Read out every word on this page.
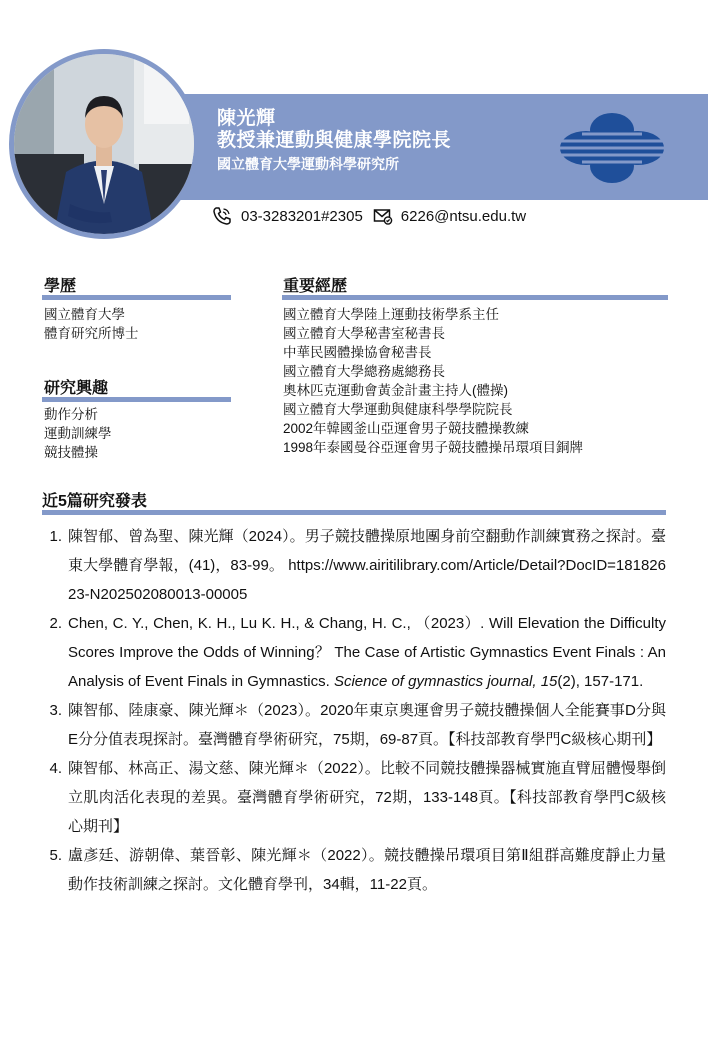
陳光輝
教授兼運動與健康學院院長
國立體育大學運動科學研究所
03-3283201#2305	6226@ntsu.edu.tw
學歷
國立體育大學
體育研究所博士
研究興趣
動作分析
運動訓練學
競技體操
重要經歷
國立體育大學陸上運動技術學系主任
國立體育大學秘書室秘書長
中華民國體操協會秘書長
國立體育大學總務處總務長
奧林匹克運動會黃金計畫主持人(體操)
國立體育大學運動與健康科學學院院長
2002年韓國釜山亞運會男子競技體操教練
1998年泰國曼谷亞運會男子競技體操吊環項目銅牌
近5篇研究發表
1. 陳智郁、曾為聖、陳光輝（2024）。男子競技體操原地團身前空翻動作訓練實務之探討。臺東大學體育學報，(41)，83-99。 https://www.airitilibrary.com/Article/Detail?DocID=18182623-N202502080013-00005
2. Chen, C. Y., Chen, K. H., Lu K. H., & Chang, H. C., （2023）. Will Elevation the Difficulty Scores Improve the Odds of Winning？ The Case of Artistic Gymnastics Event Finals : An Analysis of Event Finals in Gymnastics. Science of gymnastics journal, 15(2), 157-171.
3. 陳智郁、陸康豪、陳光輝＊（2023）。2020年東京奧運會男子競技體操個人全能賽事D分與E分分值表現探討。臺灣體育學術研究，75期，69-87頁。【科技部教育學門C級核心期刊】
4. 陳智郁、林高正、湯文慈、陳光輝＊（2022）。比較不同競技體操器械實施直臂屈體慢舉倒立肌肉活化表現的差異。臺灣體育學術研究，72期，133-148頁。【科技部教育學門C級核心期刊】
5. 盧彥廷、游朝偉、葉晉彰、陳光輝＊（2022）。競技體操吊環項目第Ⅱ組群高難度靜止力量動作技術訓練之探討。文化體育學刊，34輯，11-22頁。
